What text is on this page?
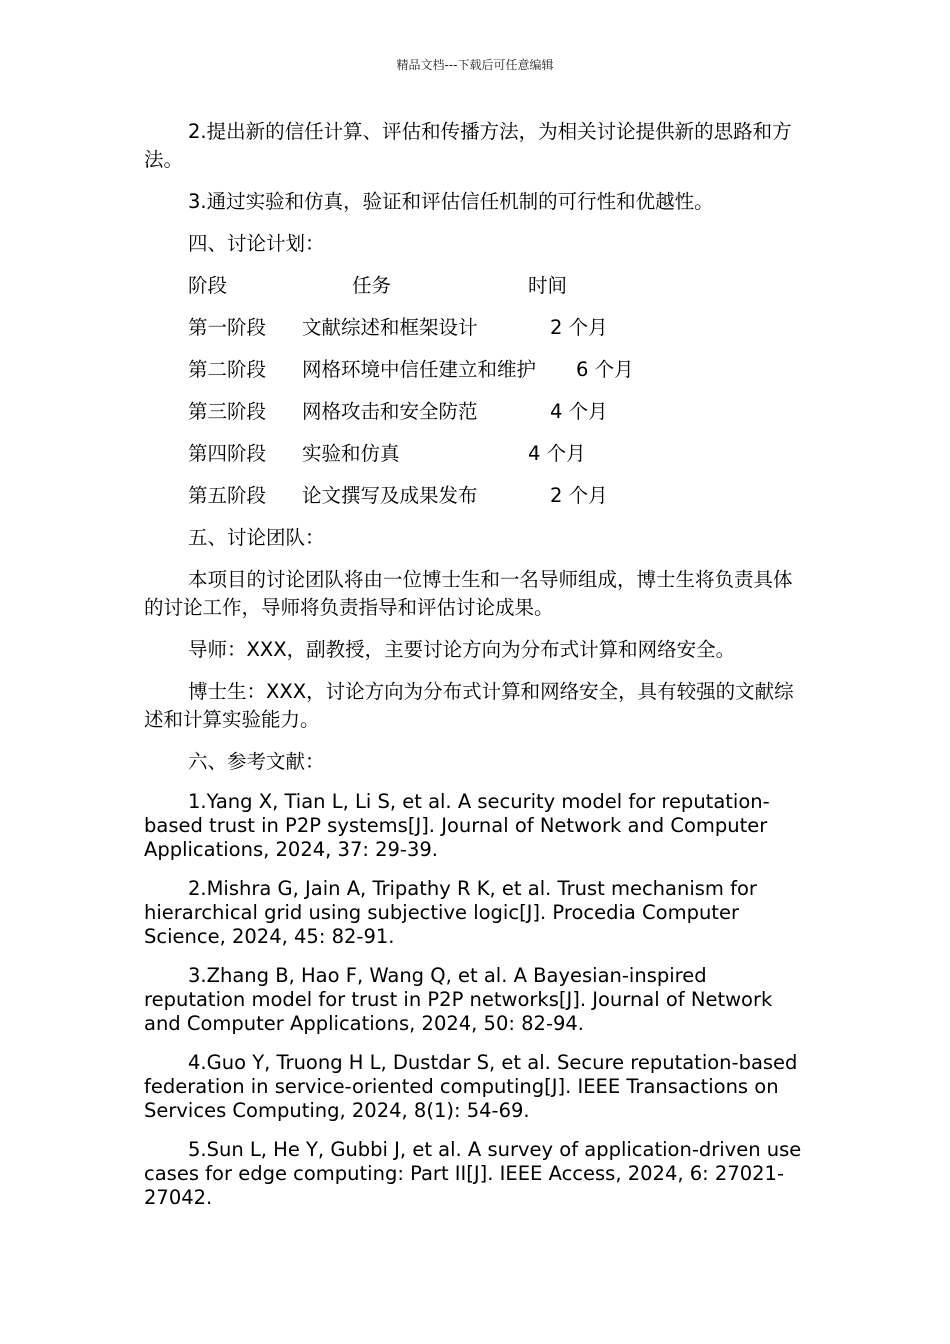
精品文档---下载后可任意编辑

2.提出新的信任计算、评估和传播方法，为相关讨论提供新的思路和方法。

3.通过实验和仿真，验证和评估信任机制的可行性和优越性。

四、讨论计划：

阶段	任务	时间
第一阶段 文献综述和框架设计	2 个月
第二阶段 网格环境中信任建立和维护 6 个月
第三阶段 网格攻击和安全防范	4 个月
第四阶段 实验和仿真	4 个月
第五阶段 论文撰写及成果发布	2 个月

五、讨论团队：

本项目的讨论团队将由一位博士生和一名导师组成，博士生将负责具体的讨论工作，导师将负责指导和评估讨论成果。

导师：XXX，副教授，主要讨论方向为分布式计算和网络安全。

博士生：XXX，讨论方向为分布式计算和网络安全，具有较强的文献综述和计算实验能力。

六、参考文献：

1.Yang X, Tian L, Li S, et al. A security model for reputation-based trust in P2P systems[J]. Journal of Network and Computer Applications, 2024, 37: 29-39.

2.Mishra G, Jain A, Tripathy R K, et al. Trust mechanism for hierarchical grid using subjective logic[J]. Procedia Computer Science, 2024, 45: 82-91.

3.Zhang B, Hao F, Wang Q, et al. A Bayesian-inspired reputation model for trust in P2P networks[J]. Journal of Network and Computer Applications, 2024, 50: 82-94.

4.Guo Y, Truong H L, Dustdar S, et al. Secure reputation-based federation in service-oriented computing[J]. IEEE Transactions on Services Computing, 2024, 8(1): 54-69.

5.Sun L, He Y, Gubbi J, et al. A survey of application-driven use cases for edge computing: Part II[J]. IEEE Access, 2024, 6: 27021-27042.
